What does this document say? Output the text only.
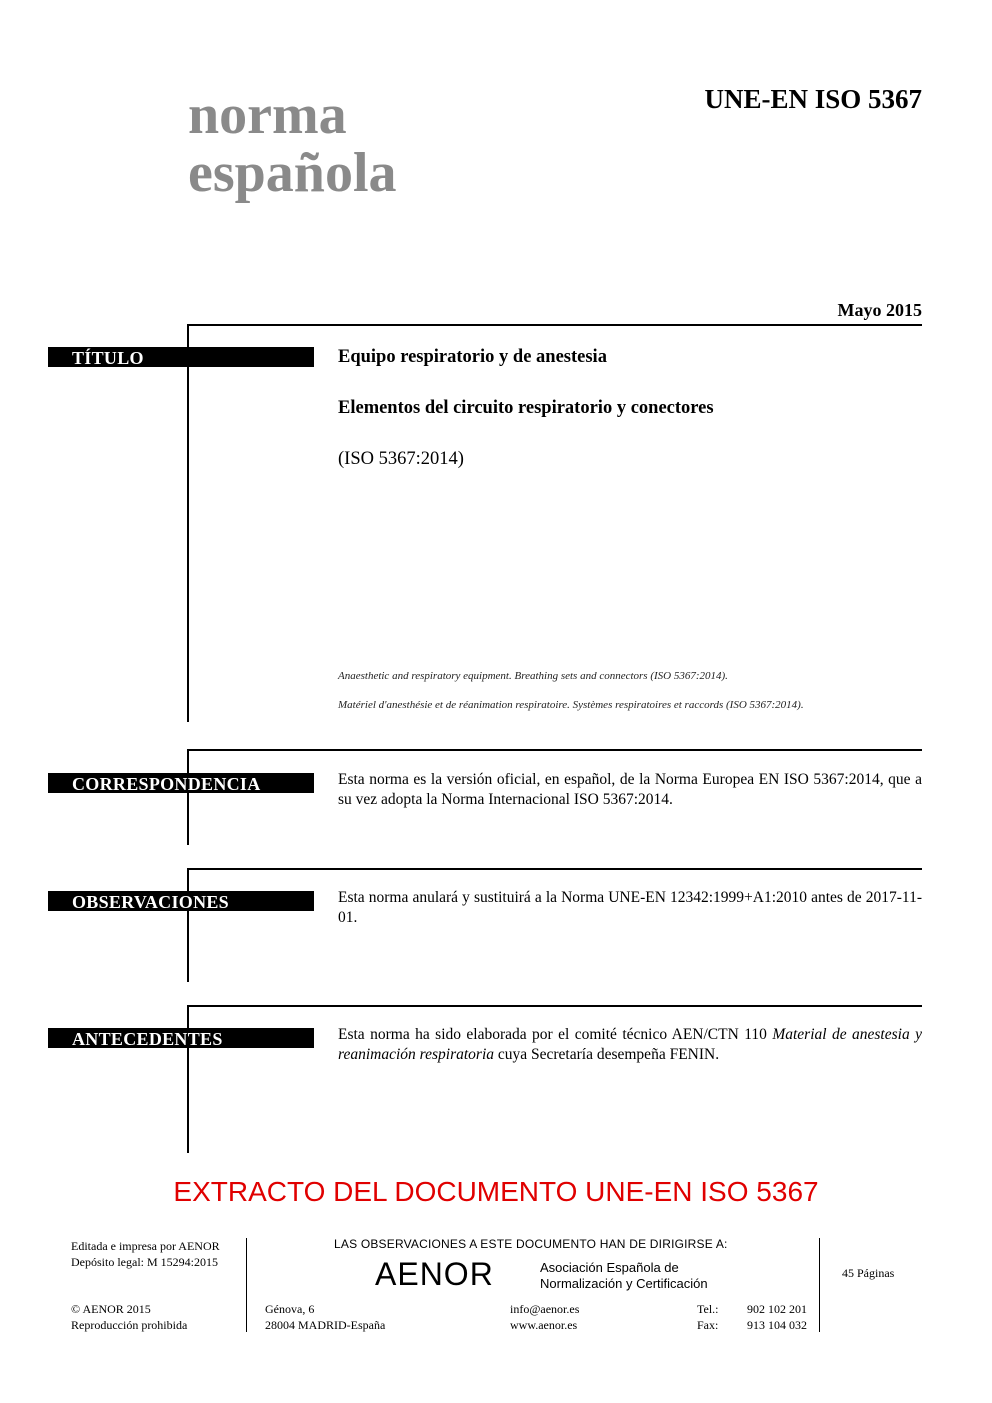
norma
española
UNE-EN ISO 5367
Mayo 2015
TÍTULO	Equipo respiratorio y de anestesia
Elementos del circuito respiratorio y conectores
(ISO 5367:2014)
Anaesthetic and respiratory equipment. Breathing sets and connectors (ISO 5367:2014).
Matériel d'anesthésie et de réanimation respiratoire. Systèmes respiratoires et raccords (ISO 5367:2014).
CORRESPONDENCIA	Esta norma es la versión oficial, en español, de la Norma Europea EN ISO 5367:2014, que a su vez adopta la Norma Internacional ISO 5367:2014.
OBSERVACIONES	Esta norma anulará y sustituirá a la Norma UNE-EN 12342:1999+A1:2010 antes de 2017-11-01.
ANTECEDENTES	Esta norma ha sido elaborada por el comité técnico AEN/CTN 110 Material de anestesia y reanimación respiratoria cuya Secretaría desempeña FENIN.
EXTRACTO DEL DOCUMENTO UNE-EN ISO 5367
Editada e impresa por AENOR
Depósito legal: M 15294:2015
© AENOR 2015
Reproducción prohibida
LAS OBSERVACIONES A ESTE DOCUMENTO HAN DE DIRIGIRSE A:
AENOR	Asociación Española de
Normalización y Certificación
Génova, 6
28004 MADRID-España
info@aenor.es
www.aenor.es
Tel.: 902 102 201
Fax: 913 104 032
45 Páginas
